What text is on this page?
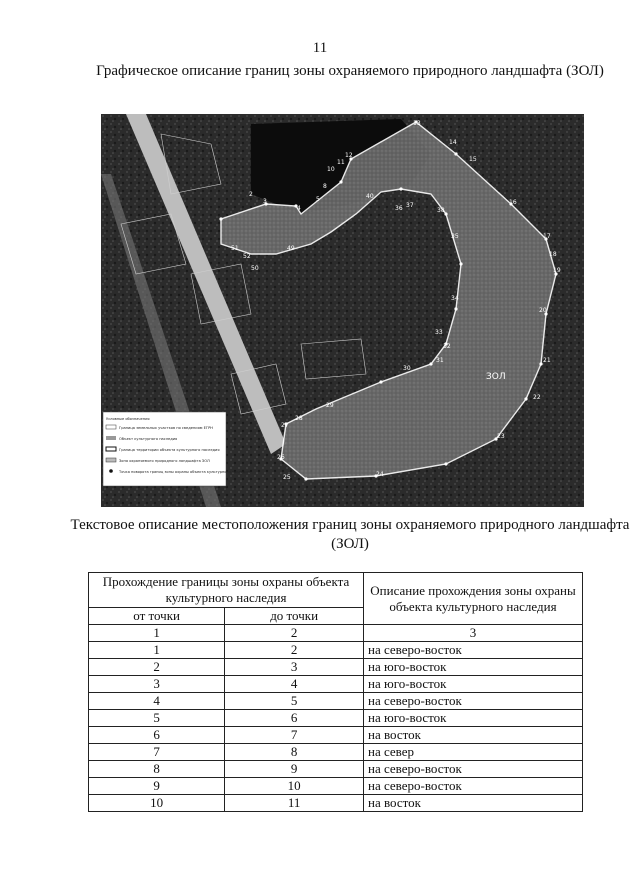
11
Графическое описание границ зоны охраняемого природного ландшафта (ЗОЛ)
2
3
4
5
8
10
11
12
13
14
15
16
17
18
19
20
21
22
23
24
25
26
27
28
29
30
31
32
33
34
35
36 37
38
40
49
50
51
52
ЗОЛ
Условные обозначения
Граница земельных участков по сведениям ЕГРН
Объект культурного наследия
Граница территории объекта культурного наследия
Зона охраняемого природного ландшафта ЗОЛ
Точка поворота границ зоны охраны объекта культурного наследия
Текстовое описание местоположения границ зоны охраняемого природного ландшафта (ЗОЛ)
Прохождение границы зоны охраны объекта культурного наследия		Описание прохождения зоны охраны объекта культурного наследия
от точки	до точки	
1	2	3
1	2	на северо-восток
2	3	на юго-восток
3	4	на юго-восток
4	5	на северо-восток
5	6	на юго-восток
6	7	на восток
7	8	на север
8	9	на северо-восток
9	10	на северо-восток
10	11	на восток
